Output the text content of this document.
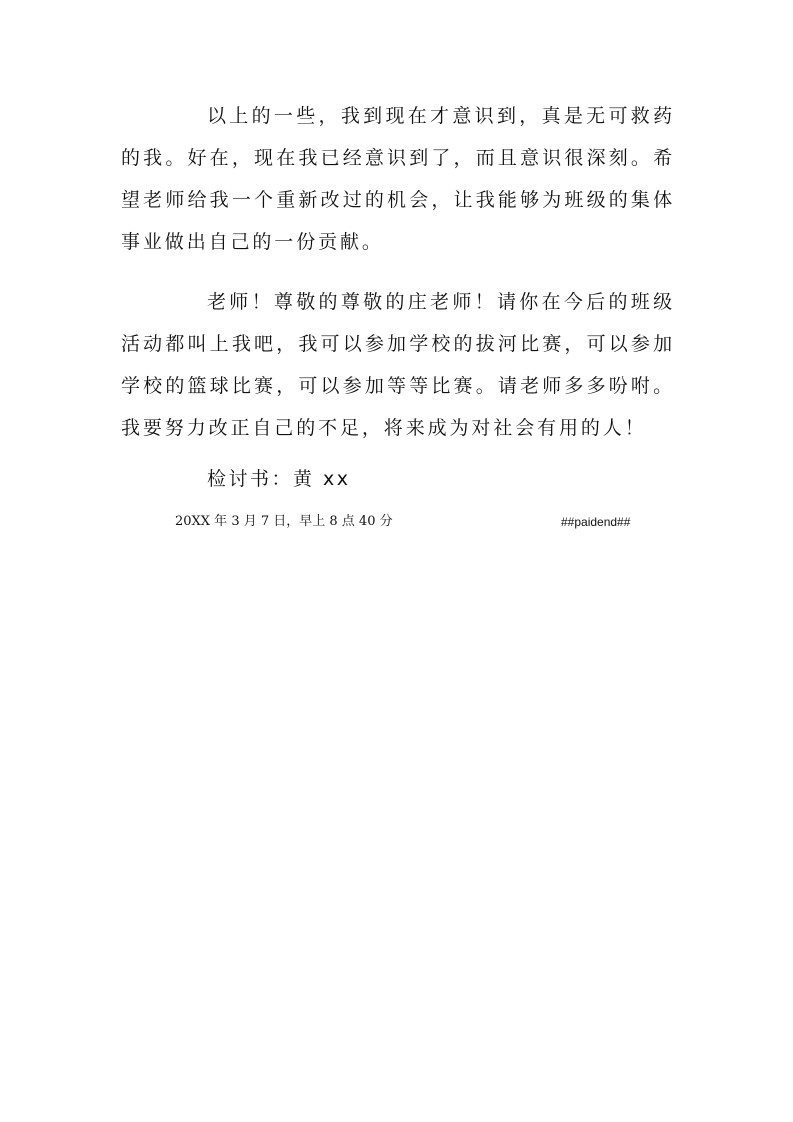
以上的一些，我到现在才意识到，真是无可救药的我。好在，现在我已经意识到了，而且意识很深刻。希望老师给我一个重新改过的机会，让我能够为班级的集体事业做出自己的一份贡献。

老师！尊敬的尊敬的庄老师！请你在今后的班级活动都叫上我吧，我可以参加学校的拔河比赛，可以参加学校的篮球比赛，可以参加等等比赛。请老师多多吩咐。我要努力改正自己的不足，将来成为对社会有用的人！

检讨书：黄 xx
20XX 年 3 月 7 日，早上 8 点 40 分	##paidend##
